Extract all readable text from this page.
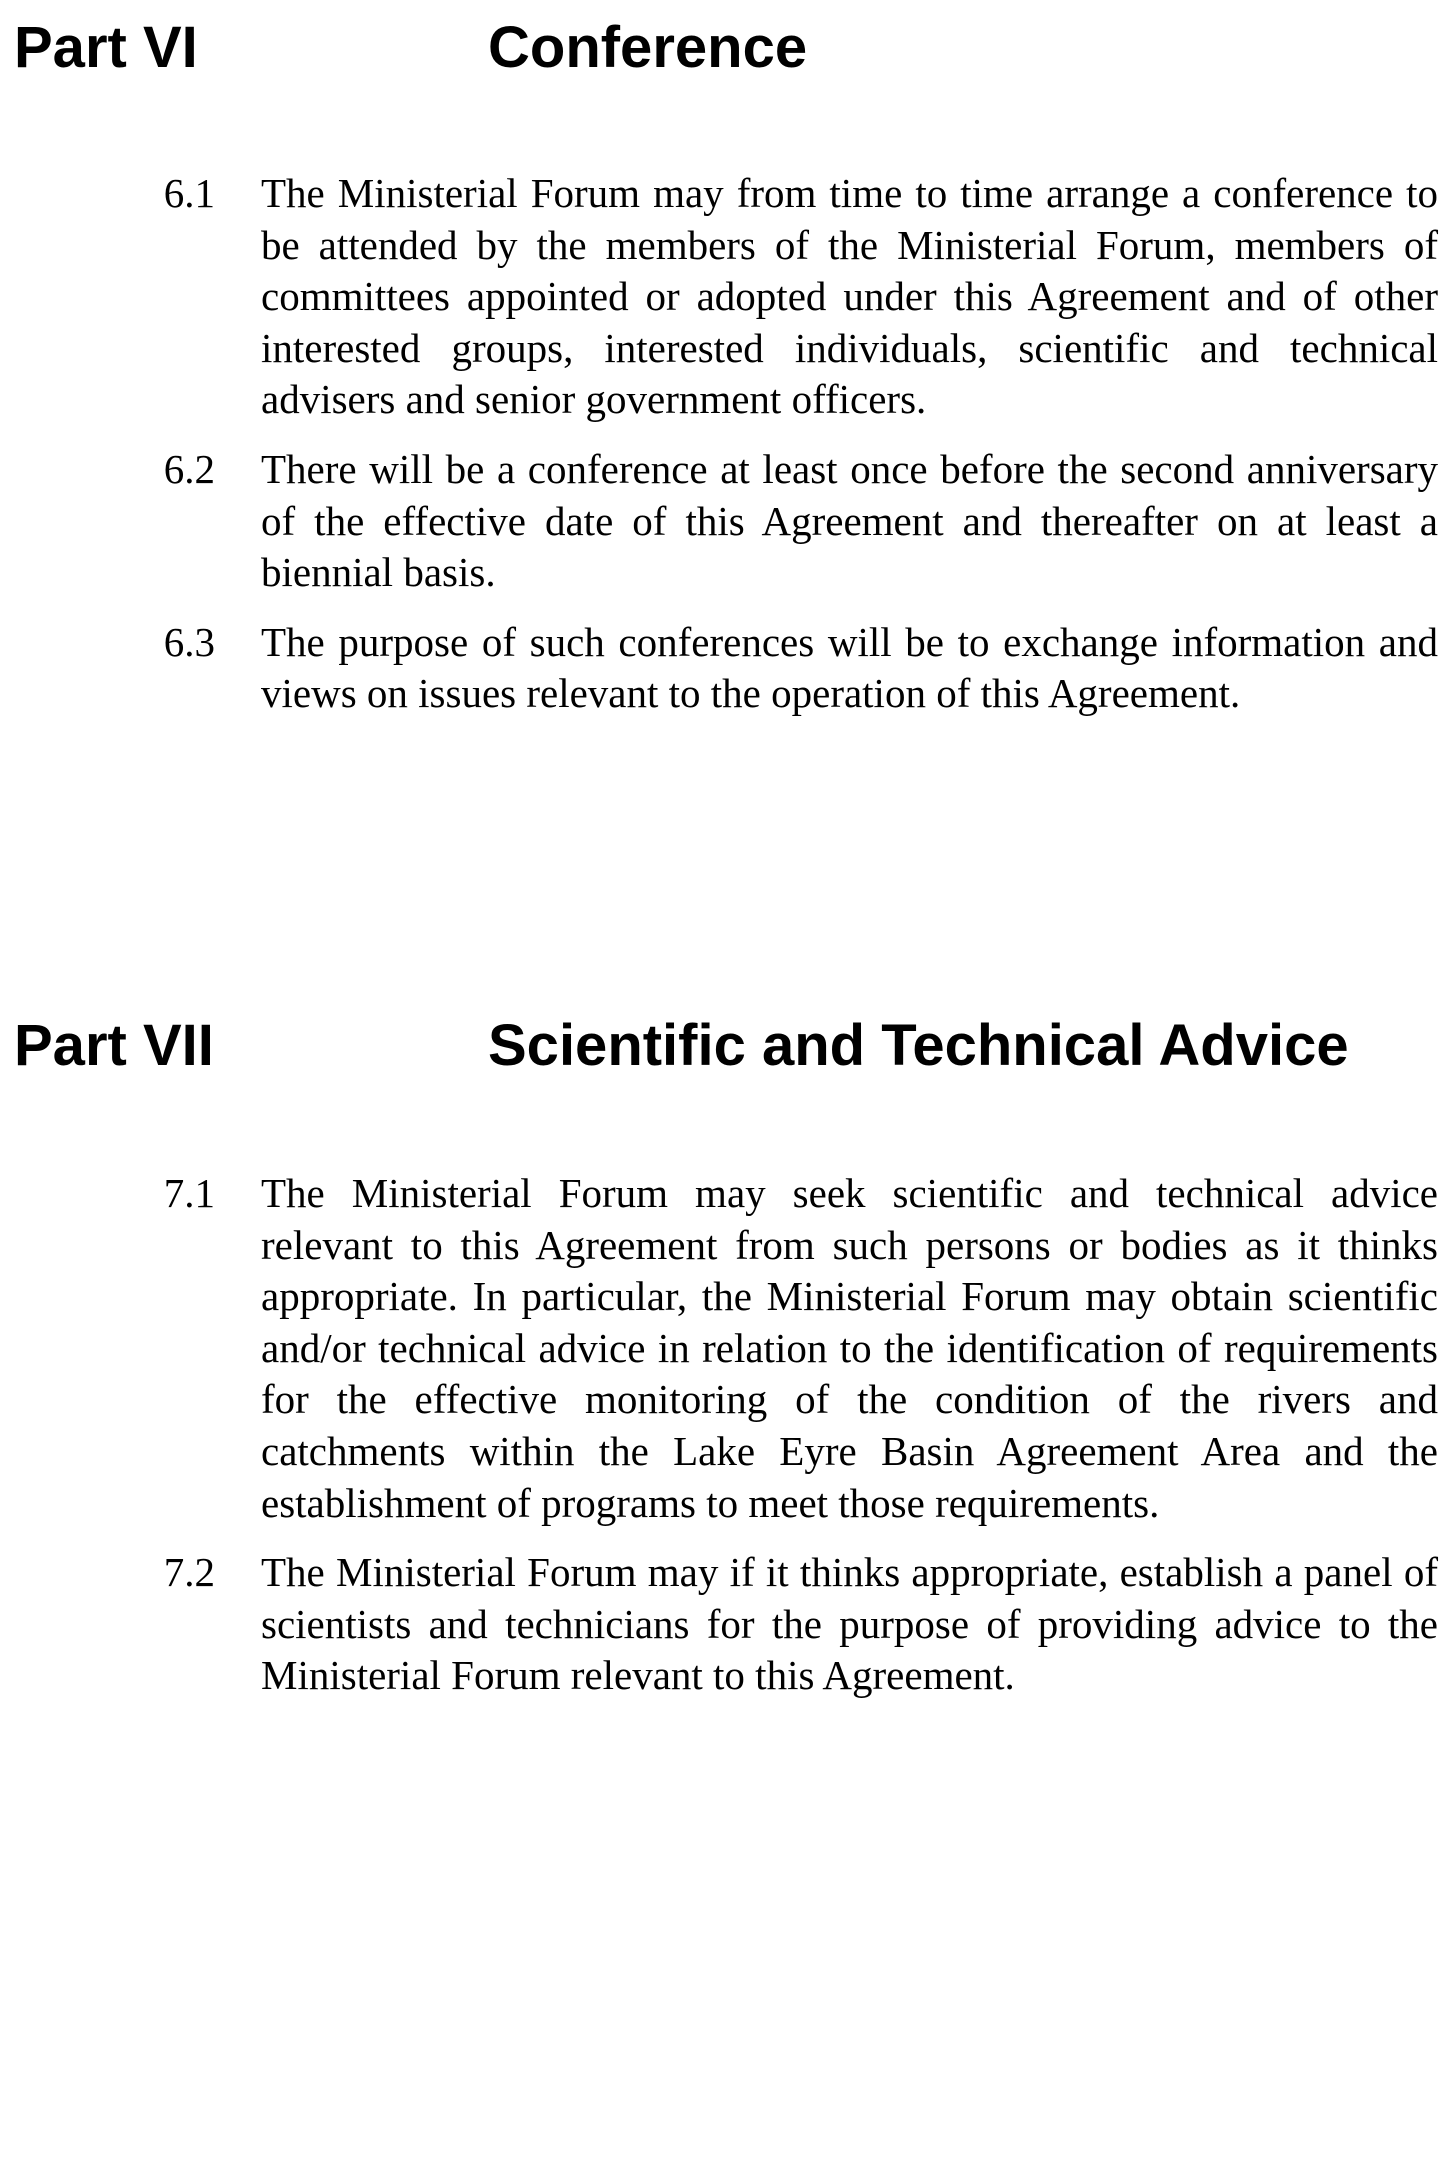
Part VI	Conference
6.1 The Ministerial Forum may from time to time arrange a conference to be attended by the members of the Ministerial Forum, members of committees appointed or adopted under this Agreement and of other interested groups, interested individuals, scientific and technical advisers and senior government officers.
6.2 There will be a conference at least once before the second anniversary of the effective date of this Agreement and thereafter on at least a biennial basis.
6.3 The purpose of such conferences will be to exchange information and views on issues relevant to the operation of this Agreement.
Part VII	Scientific and Technical Advice
7.1 The Ministerial Forum may seek scientific and technical advice relevant to this Agreement from such persons or bodies as it thinks appropriate. In particular, the Ministerial Forum may obtain scientific and/or technical advice in relation to the identification of requirements for the effective monitoring of the condition of the rivers and catchments within the Lake Eyre Basin Agreement Area and the establishment of programs to meet those requirements.
7.2 The Ministerial Forum may if it thinks appropriate, establish a panel of scientists and technicians for the purpose of providing advice to the Ministerial Forum relevant to this Agreement.
